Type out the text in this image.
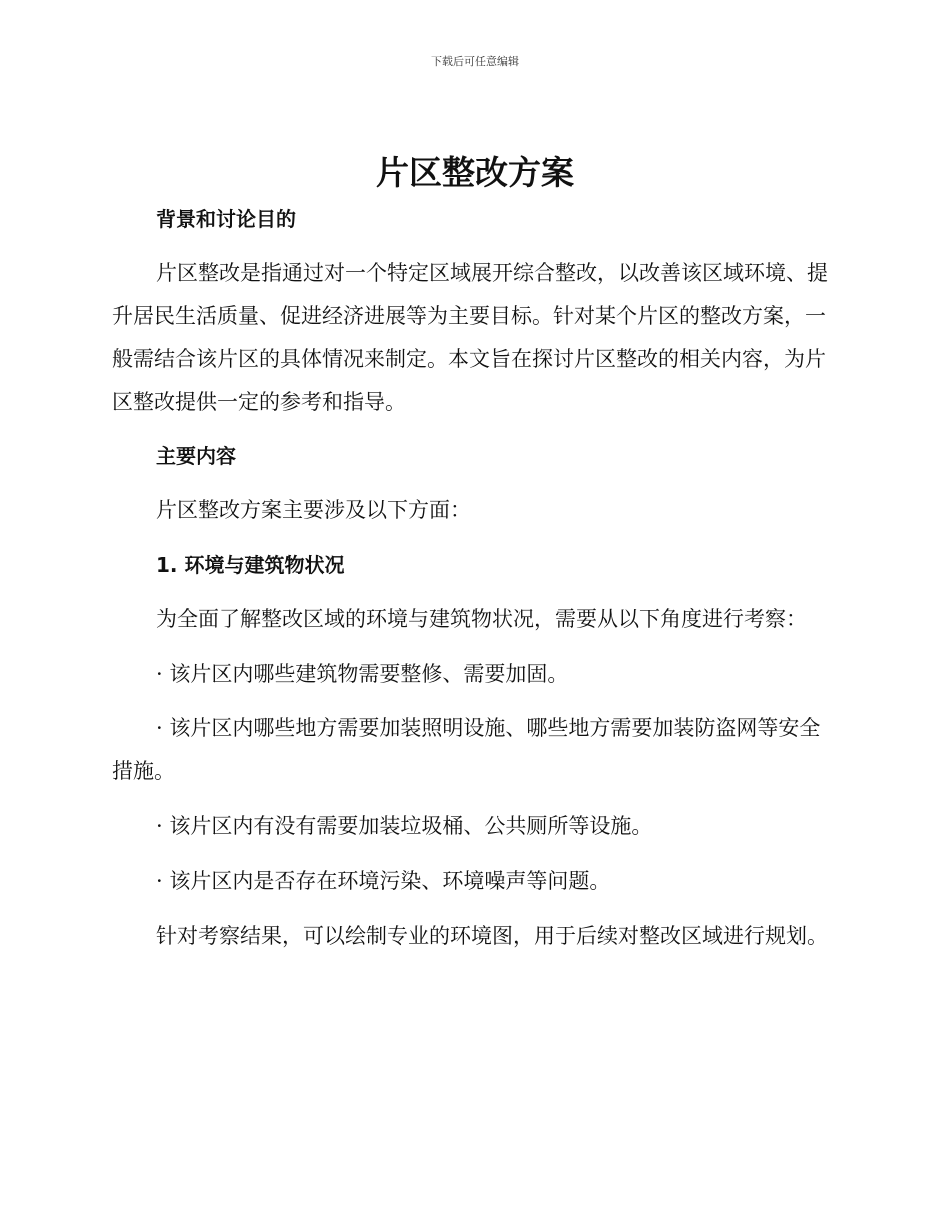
下载后可任意编辑
片区整改方案

背景和讨论目的

片区整改是指通过对一个特定区域展开综合整改，以改善该区域环境、提升居民生活质量、促进经济进展等为主要目标。针对某个片区的整改方案，一般需结合该片区的具体情况来制定。本文旨在探讨片区整改的相关内容，为片区整改提供一定的参考和指导。

主要内容

片区整改方案主要涉及以下方面：

1. 环境与建筑物状况

为全面了解整改区域的环境与建筑物状况，需要从以下角度进行考察：

· 该片区内哪些建筑物需要整修、需要加固。

· 该片区内哪些地方需要加装照明设施、哪些地方需要加装防盗网等安全措施。

· 该片区内有没有需要加装垃圾桶、公共厕所等设施。

· 该片区内是否存在环境污染、环境噪声等问题。

针对考察结果，可以绘制专业的环境图，用于后续对整改区域进行规划。
